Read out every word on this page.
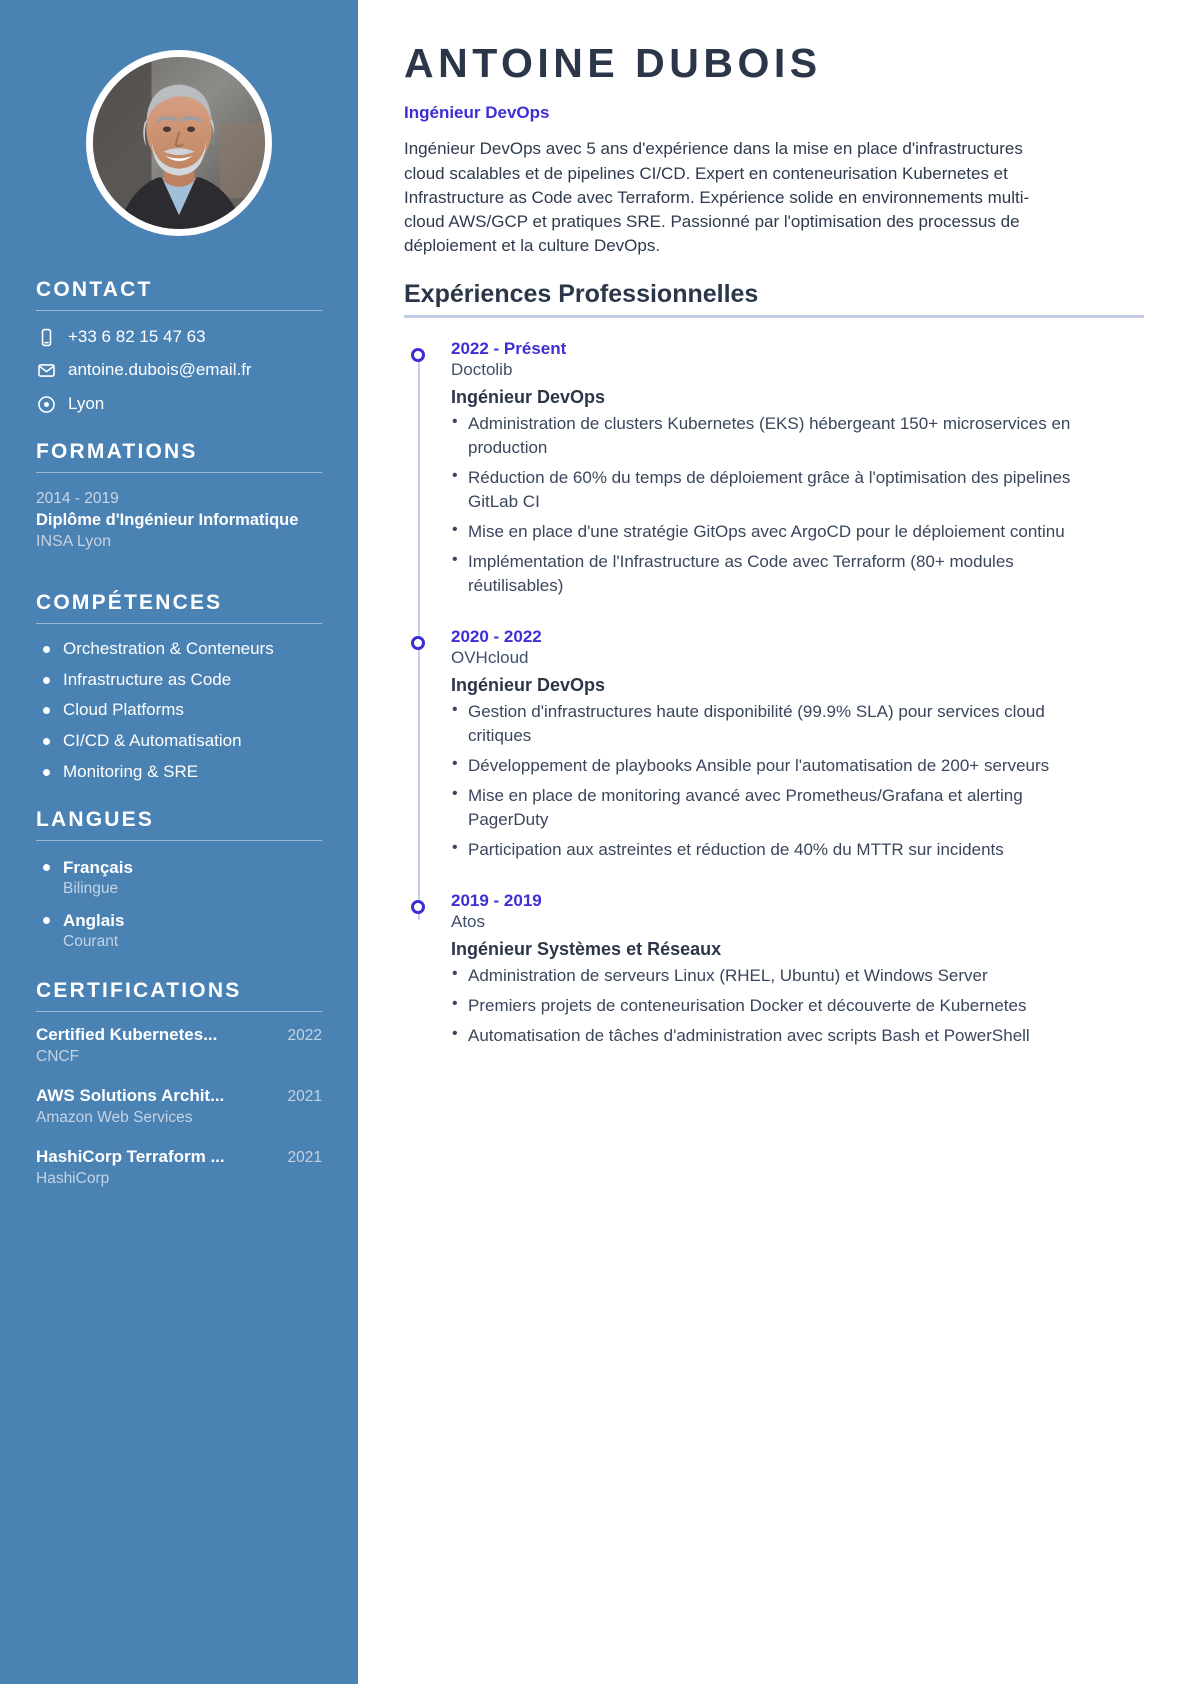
CONTACT
+33 6 82 15 47 63
antoine.dubois@email.fr
Lyon
FORMATIONS
2014 - 2019
Diplôme d'Ingénieur Informatique
INSA Lyon
COMPÉTENCES
Orchestration & Conteneurs
Infrastructure as Code
Cloud Platforms
CI/CD & Automatisation
Monitoring & SRE
LANGUES
Français
Bilingue
Anglais
Courant
CERTIFICATIONS
Certified Kubernetes...	2022
CNCF
AWS Solutions Archit...	2021
Amazon Web Services
HashiCorp Terraform ...	2021
HashiCorp
ANTOINE DUBOIS
Ingénieur DevOps

Ingénieur DevOps avec 5 ans d'expérience dans la mise en place d'infrastructures cloud scalables et de pipelines CI/CD. Expert en conteneurisation Kubernetes et Infrastructure as Code avec Terraform. Expérience solide en environnements multi-cloud AWS/GCP et pratiques SRE. Passionné par l'optimisation des processus de déploiement et la culture DevOps.

Expériences Professionnelles
2022 - Présent
Doctolib
Ingénieur DevOps
• Administration de clusters Kubernetes (EKS) hébergeant 150+ microservices en production
• Réduction de 60% du temps de déploiement grâce à l'optimisation des pipelines GitLab CI
• Mise en place d'une stratégie GitOps avec ArgoCD pour le déploiement continu
• Implémentation de l'Infrastructure as Code avec Terraform (80+ modules réutilisables)
2020 - 2022
OVHcloud
Ingénieur DevOps
• Gestion d'infrastructures haute disponibilité (99.9% SLA) pour services cloud critiques
• Développement de playbooks Ansible pour l'automatisation de 200+ serveurs
• Mise en place de monitoring avancé avec Prometheus/Grafana et alerting PagerDuty
• Participation aux astreintes et réduction de 40% du MTTR sur incidents
2019 - 2019
Atos
Ingénieur Systèmes et Réseaux
• Administration de serveurs Linux (RHEL, Ubuntu) et Windows Server
• Premiers projets de conteneurisation Docker et découverte de Kubernetes
• Automatisation de tâches d'administration avec scripts Bash et PowerShell
